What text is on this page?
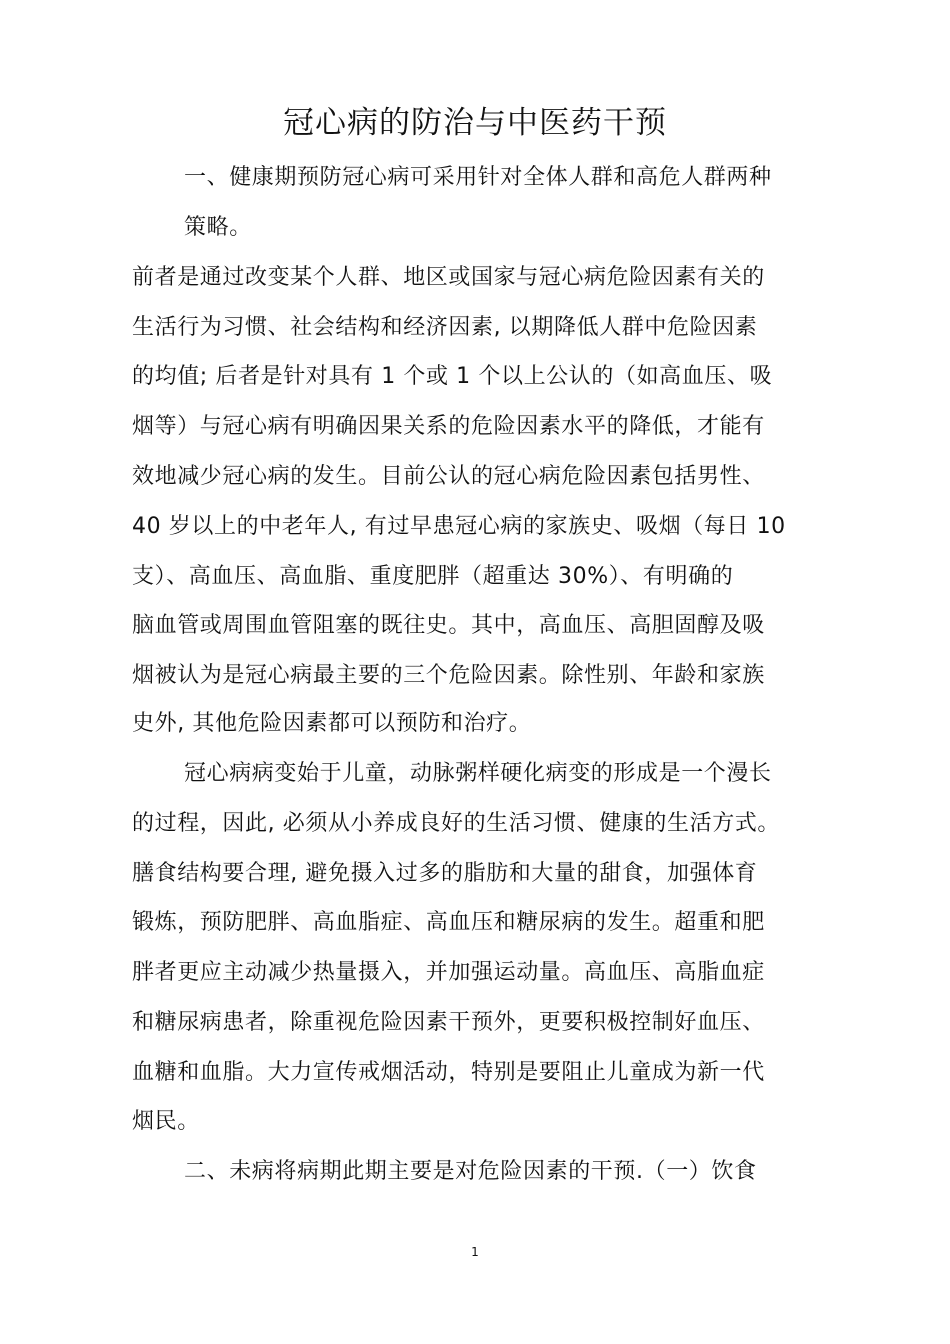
冠心病的防治与中医药干预
一、健康期预防冠心病可采用针对全体人群和高危人群两种
策略。
前者是通过改变某个人群、地区或国家与冠心病危险因素有关的
生活行为习惯、社会结构和经济因素, 以期降低人群中危险因素
的均值; 后者是针对具有 1 个或 1 个以上公认的（如高血压、吸
烟等）与冠心病有明确因果关系的危险因素水平的降低，才能有
效地减少冠心病的发生。目前公认的冠心病危险因素包括男性、
40 岁以上的中老年人, 有过早患冠心病的家族史、吸烟（每日 10
支）、高血压、高血脂、重度肥胖（超重达 30%）、有明确的
脑血管或周围血管阻塞的既往史。其中，高血压、高胆固醇及吸
烟被认为是冠心病最主要的三个危险因素。除性别、年龄和家族
史外, 其他危险因素都可以预防和治疗。
冠心病病变始于儿童，动脉粥样硬化病变的形成是一个漫长
的过程，因此, 必须从小养成良好的生活习惯、健康的生活方式。
膳食结构要合理, 避免摄入过多的脂肪和大量的甜食，加强体育
锻炼，预防肥胖、高血脂症、高血压和糖尿病的发生。超重和肥
胖者更应主动减少热量摄入，并加强运动量。高血压、高脂血症
和糖尿病患者，除重视危险因素干预外，更要积极控制好血压、
血糖和血脂。大力宣传戒烟活动，特别是要阻止儿童成为新一代
烟民。
二、未病将病期此期主要是对危险因素的干预.（一）饮食
1
